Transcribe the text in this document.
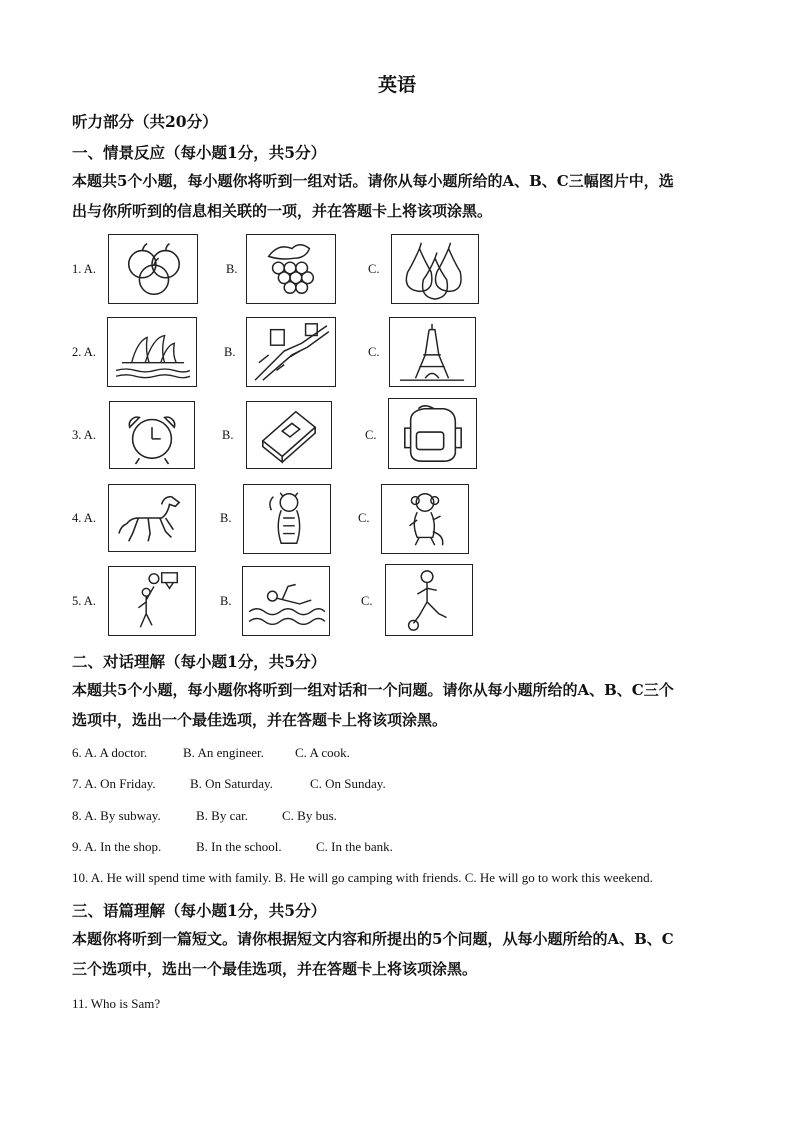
英语
听力部分（共20分）
一、情景反应（每小题1分，共5分）
本题共5个小题，每小题你将听到一组对话。请你从每小题所给的A、B、C三幅图片中，选
出与你所听到的信息相关联的一项，并在答题卡上将该项涂黑。
1. A.	B.	C.
2. A.	B.	C.
3. A.	B.	C.
4. A.	B.	C.
5. A.	B.	C.
二、对话理解（每小题1分，共5分）
本题共5个小题，每小题你将听到一组对话和一个问题。请你从每小题所给的A、B、C三个
选项中，选出一个最佳选项，并在答题卡上将该项涂黑。
6. A. A doctor.	B. An engineer. C. A cook.
7. A. On Friday.	B. On Saturday.	C. On Sunday.
8. A. By subway.	B. By car.	C. By bus.
9. A. In the shop.	B. In the school.	C. In the bank.
10. A. He will spend time with family. B. He will go camping with friends. C. He will go to work this weekend.
三、语篇理解（每小题1分，共5分）
本题你将听到一篇短文。请你根据短文内容和所提出的5个问题，从每小题所给的A、B、C
三个选项中，选出一个最佳选项，并在答题卡上将该项涂黑。
11. Who is Sam?
